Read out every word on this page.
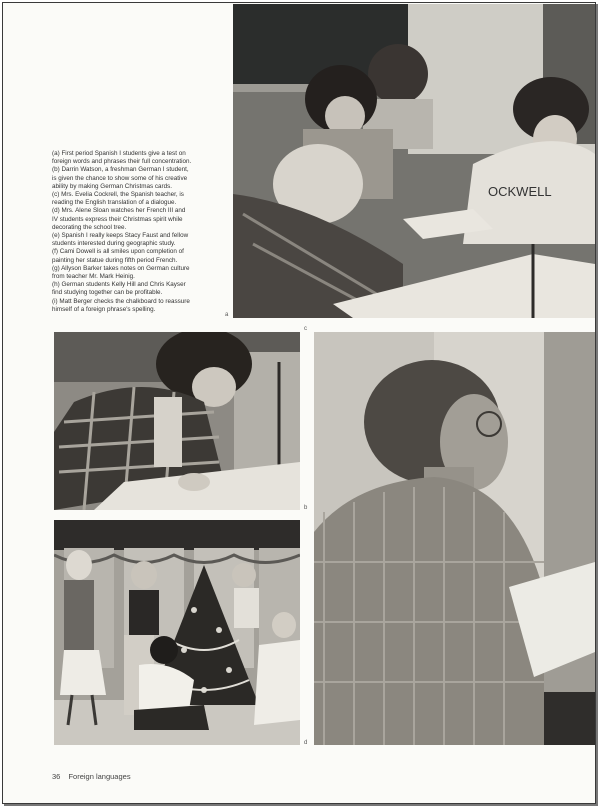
OCKWELL
a
(a) First period Spanish I students give a test on
foreign words and phrases their full concentration.
(b) Darrin Watson, a freshman German I student,
is given the chance to show some of his creative
ability by making German Christmas cards.
(c) Mrs. Evelia Cockrell, the Spanish teacher, is
reading the English translation of a dialogue.
(d) Mrs. Alene Sloan watches her French III and
IV students express their Christmas spirit while
decorating the school tree.
(e) Spanish I really keeps Stacy Faust and fellow
students interested during geographic study.
(f) Cami Dowell is all smiles upon completion of
painting her statue during fifth period French.
(g) Allyson Barker takes notes on German culture
from teacher Mr. Mark Heinig.
(h) German students Kelly Hill and Chris Kayser
find studying together can be profitable.
(i) Matt Berger checks the chalkboard to reassure
himself of a foreign phrase's spelling.
b
c
d
36 Foreign languages
